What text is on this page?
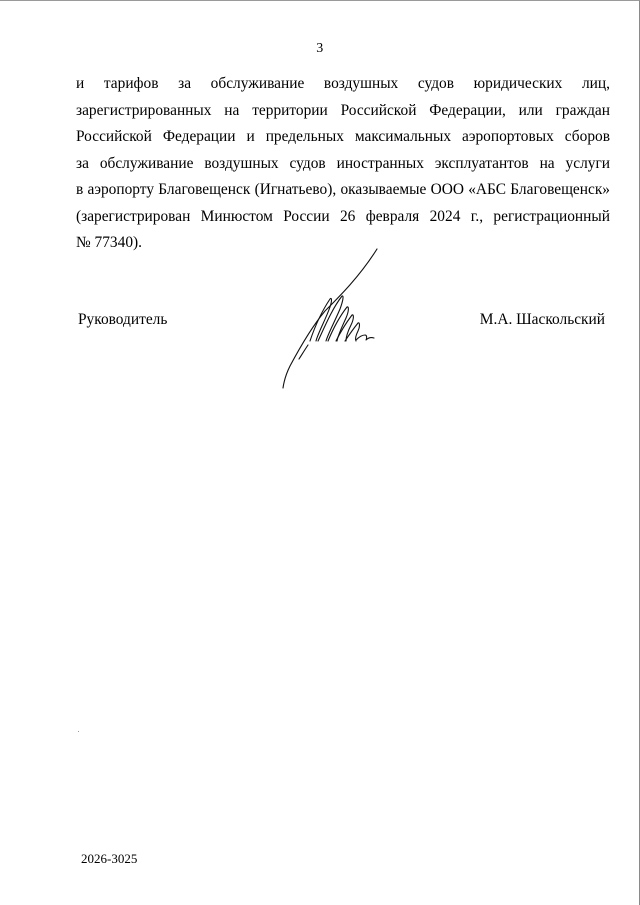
3
и тарифов за обслуживание воздушных судов юридических лиц,
зарегистрированных на территории Российской Федерации, или граждан
Российской Федерации и предельных максимальных аэропортовых сборов
за обслуживание воздушных судов иностранных эксплуатантов на услуги
в аэропорту Благовещенск (Игнатьево), оказываемые ООО «АБС Благовещенск»
(зарегистрирован Минюстом России 26 февраля 2024 г., регистрационный
№ 77340).
Руководитель	М.А. Шаскольский
2026-3025
